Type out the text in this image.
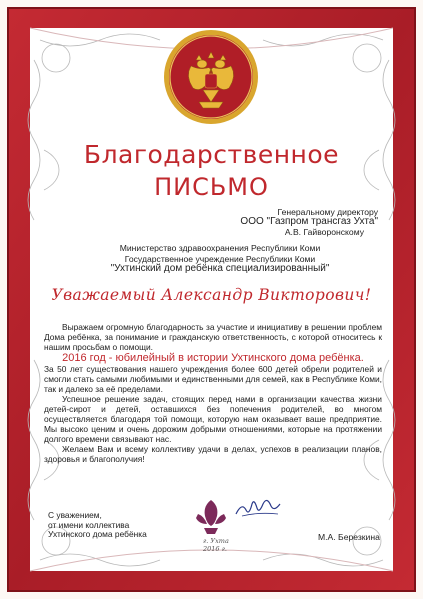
Благодарственное
ПИСЬМО
Генеральному директору
ООО "Газпром трансгаз Ухта"
А.В. Гайворонскому
Министерство здравоохранения Республики Коми
Государственное учреждение Республики Коми
"Ухтинский дом ребёнка специализированный"
Уважаемый Александр Викторович!

Выражаем огромную благодарность за участие и инициативу в решении проблем Дома ребёнка, за понимание и гражданскую ответственность, с которой относитесь к нашим просьбам о помощи.

2016 год - юбилейный в истории Ухтинского дома ребёнка.

За 50 лет существования нашего учреждения более 600 детей обрели родителей и смогли стать самыми любимыми и единственными для семей, как в Республике Коми, так и далеко за её пределами.

Успешное решение задач, стоящих перед нами в организации качества жизни детей-сирот и детей, оставшихся без попечения родителей, во многом осуществляется благодаря той помощи, которую нам оказывает ваше предприятие. Мы высоко ценим и очень дорожим добрыми отношениями, которые на протяжении долгого времени связывают нас.

Желаем Вам и всему коллективу удачи в делах, успехов в реализации планов, здоровья и благополучия!

С уважением,
от имени коллектива
Ухтинского дома ребёнка
г. Ухта
2016 г.
М.А. Березкина
